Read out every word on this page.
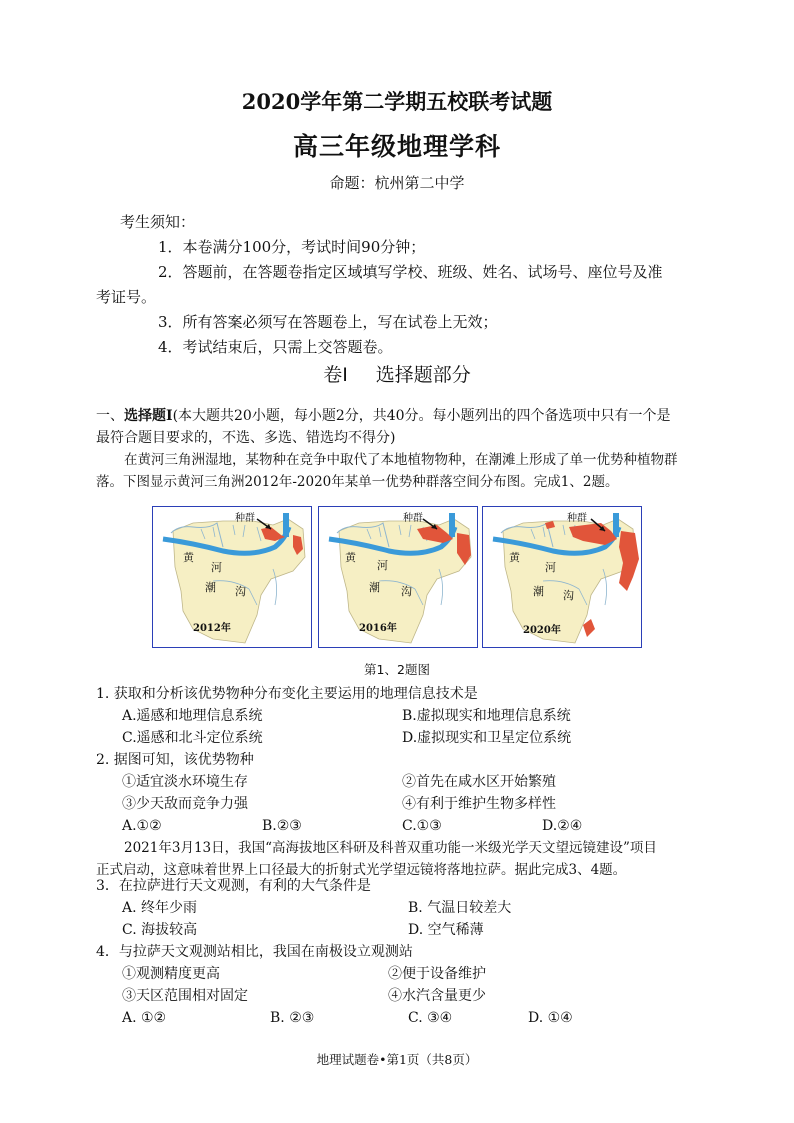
2020学年第二学期五校联考试题
高三年级地理学科
命题：杭州第二中学
考生须知：
1．本卷满分100分，考试时间90分钟；
2．答题前，在答题卷指定区域填写学校、班级、姓名、试场号、座位号及准
考证号。
3．所有答案必须写在答题卷上，写在试卷上无效；
4．考试结束后，只需上交答题卷。
卷Ⅰ 选择题部分
一、选择题Ⅰ(本大题共20小题，每小题2分，共40分。每小题列出的四个备选项中只有一个是
最符合题目要求的，不选、多选、错选均不得分)
在黄河三角洲湿地，某物种在竞争中取代了本地植物物种，在潮滩上形成了单一优势种植物群
落。下图显示黄河三角洲2012年-2020年某单一优势种群落空间分布图。完成1、2题。
种群
黄
河
潮 沟
2012年
种群
黄
河
潮 沟
2016年
种群
黄
河
潮 沟
2020年
第1、2题图
1. 获取和分析该优势物种分布变化主要运用的地理信息技术是
A.遥感和地理信息系统	B.虚拟现实和地理信息系统
C.遥感和北斗定位系统	D.虚拟现实和卫星定位系统
2. 据图可知，该优势物种
①适宜淡水环境生存	②首先在咸水区开始繁殖
③少天敌而竞争力强	④有利于维护生物多样性
A.①②	B.②③	C.①③	D.②④
2021年3月13日，我国“高海拔地区科研及科普双重功能一米级光学天文望远镜建设”项目
正式启动，这意味着世界上口径最大的折射式光学望远镜将落地拉萨。据此完成3、4题。
3．在拉萨进行天文观测，有利的大气条件是
A. 终年少雨	B. 气温日较差大
C. 海拔较高	D. 空气稀薄
4．与拉萨天文观测站相比，我国在南极设立观测站
①观测精度更高	②便于设备维护
③天区范围相对固定	④水汽含量更少
A. ①②	B. ②③	C. ③④	D. ①④
地理试题卷•第1页（共8页）
